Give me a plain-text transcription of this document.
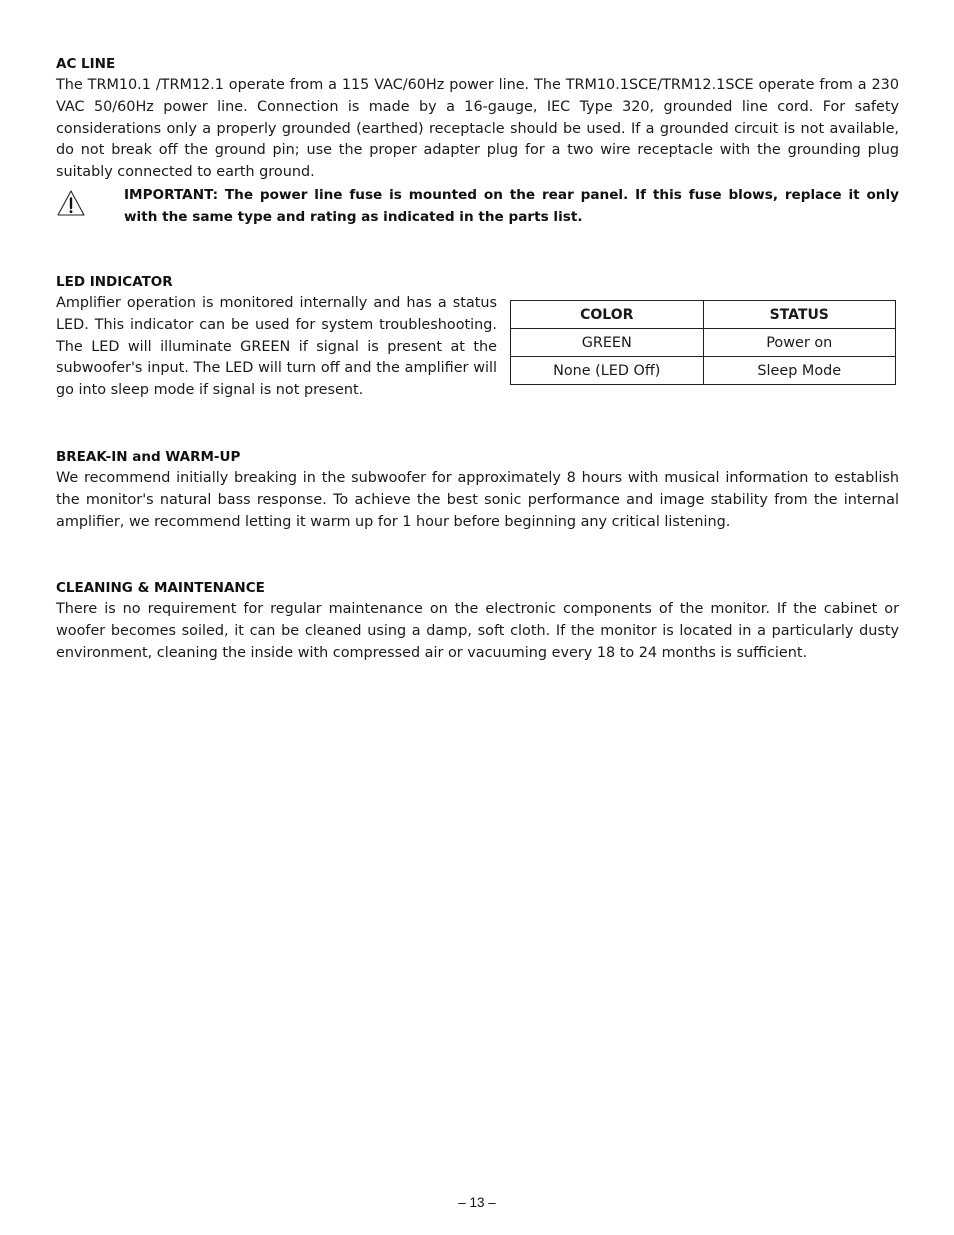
AC LINE

The TRM10.1 /TRM12.1 operate from a 115 VAC/60Hz power line. The TRM10.1SCE/TRM12.1SCE operate from a 230 VAC 50/60Hz power line. Connection is made by a 16-gauge, IEC Type 320, grounded line cord. For safety considerations only a properly grounded (earthed) receptacle should be used. If a grounded circuit is not available, do not break off the ground pin; use the proper adapter plug for a two wire receptacle with the grounding plug suitably connected to earth ground.

IMPORTANT: The power line fuse is mounted on the rear panel. If this fuse blows, replace it only with the same type and rating as indicated in the parts list.

LED INDICATOR

Amplifier operation is monitored internally and has a status LED. This indicator can be used for system troubleshooting. The LED will illuminate GREEN if signal is present at the subwoofer's input. The LED will turn off and the amplifier will go into sleep mode if signal is not present.

COLOR	STATUS
GREEN	Power on
None (LED Off)	Sleep Mode
BREAK-IN and WARM-UP

We recommend initially breaking in the subwoofer for approximately 8 hours with musical information to establish the monitor's natural bass response. To achieve the best sonic performance and image stability from the internal amplifier, we recommend letting it warm up for 1 hour before beginning any critical listening.

CLEANING & MAINTENANCE

There is no requirement for regular maintenance on the electronic components of the monitor. If the cabinet or woofer becomes soiled, it can be cleaned using a damp, soft cloth. If the monitor is located in a particularly dusty environment, cleaning the inside with compressed air or vacuuming every 18 to 24 months is sufficient.

– 13 –
